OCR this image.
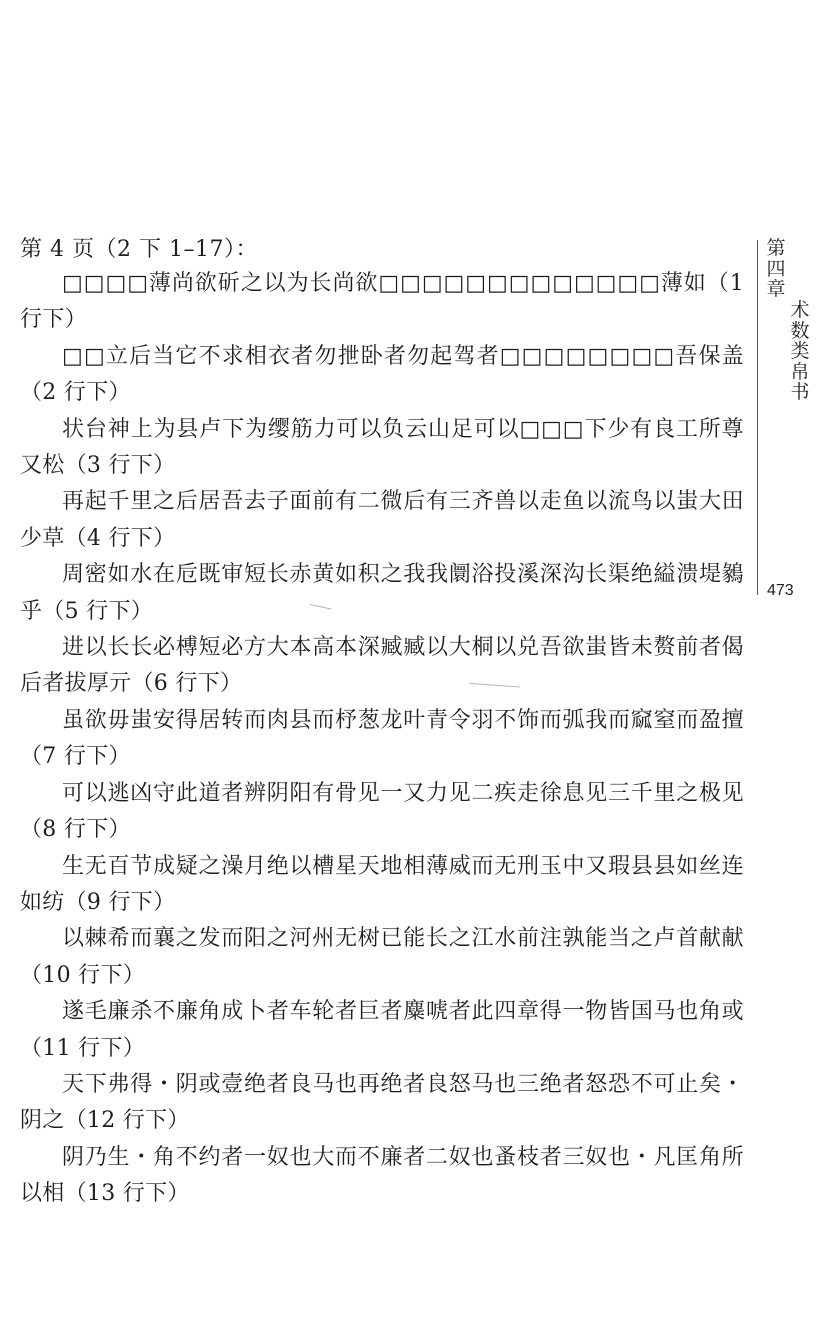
第 4 页（2 下 1–17）：

□□□□薄尚欲斫之以为长尚欲□□□□□□□□□□□□□薄如（1 行下）

□□立后当它不求相衣者勿抴卧者勿起驾者□□□□□□□□吾保盖（2 行下）

状台神上为县卢下为缨筋力可以负云山足可以□□□下少有良工所尊又松（3 行下）

再起千里之后居吾去子面前有二微后有三齐兽以走鱼以流鸟以蚩大田少草（4 行下）

周密如水在卮既审短长赤黄如积之我我阛浴投溪深沟长渠绝縊溃堤鶨乎（5 行下）

进以长长必榑短必方大本高本深臧臧以大桐以兑吾欲蚩皆未赘前者偈后者拔厚亓（6 行下）

虽欲毋蚩安得居转而肉县而杼葱龙叶青令羽不饰而弧我而窳窒而盈擅（7 行下）

可以逃凶守此道者辨阴阳有骨见一又力见二疾走徐息见三千里之极见（8 行下）

生无百节成疑之澡月绝以槽星天地相薄威而无刑玉中又瑕县县如丝连如纺（9 行下）

以棘希而襄之发而阳之河州无树已能长之江水前注孰能当之卢首献献（10 行下）

遂毛廉杀不廉角成卜者车轮者巨者麋唬者此四章得一物皆国马也角或（11 行下）

天下弗得・阴或壹绝者良马也再绝者良怒马也三绝者怒恐不可止矣・阴之（12 行下）

阴乃生・角不约者一奴也大而不廉者二奴也蚤枝者三奴也・凡匡角所以相（13 行下）

第四章
术数类帛书
473
